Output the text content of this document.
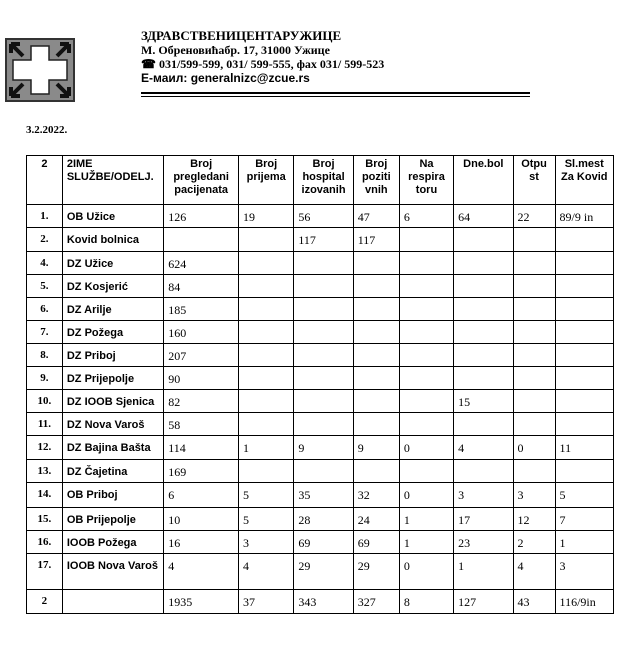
ЗДРАВСТВЕНИЦЕНТАРУЖИЦЕ
М. Обреновићабр. 17, 31000 Ужице
☎ 031/599-599, 031/ 599-555, фах 031/ 599-523
Е-маил: generalnizc@zcue.rs
3.2.2022.
2	2IME SLUŽBE/ODELJ.	Broj pregledani pacijenata	Broj prijema	Broj hospital izovanih	Broj poziti vnih	Na respira toru	Dne.bol	Otpu st	Sl.mest Za Kovid
1.	OB Užice	126	19	56	47	6	64	22	89/9 in
2.	Kovid bolnica			117	117				
4.	DZ Užice	624							
5.	DZ Kosjerić	84							
6.	DZ Arilje	185							
7.	DZ Požega	160							
8.	DZ Priboj	207							
9.	DZ Prijepolje	90							
10.	DZ IOOB Sjenica	82					15		
11.	DZ Nova Varoš	58							
12.	DZ Bajina Bašta	114	1	9	9	0	4	0	11
13.	DZ Čajetina	169							
14.	OB Priboj	6	5	35	32	0	3	3	5
15.	OB Prijepolje	10	5	28	24	1	17	12	7
16.	IOOB Požega	16	3	69	69	1	23	2	1
17.	IOOB Nova Varoš	4	4	29	29	0	1	4	3
2		1935	37	343	327	8	127	43	116/9in
